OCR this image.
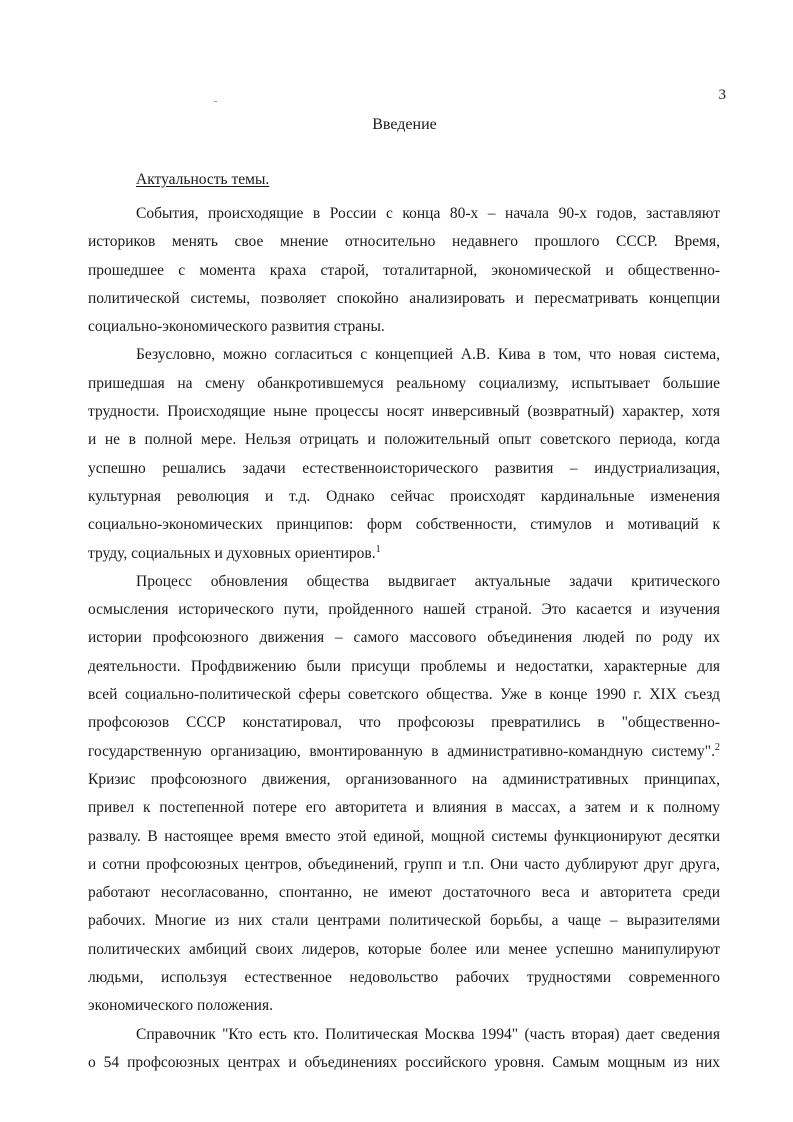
3
-
Введение
Актуальность темы.
События, происходящие в России с конца 80-х – начала 90-х годов, заставляют
историков менять свое мнение относительно недавнего прошлого СССР. Время,
прошедшее с момента краха старой, тоталитарной, экономической и общественно-
политической системы, позволяет спокойно анализировать и пересматривать концепции
социально-экономического развития страны.
Безусловно, можно согласиться с концепцией А.В. Кива в том, что новая система,
пришедшая на смену обанкротившемуся реальному социализму, испытывает большие
трудности. Происходящие ныне процессы носят инверсивный (возвратный) характер, хотя
и не в полной мере. Нельзя отрицать и положительный опыт советского периода, когда
успешно решались задачи естественноисторического развития – индустриализация,
культурная революция и т.д. Однако сейчас происходят кардинальные изменения
социально-экономических принципов: форм собственности, стимулов и мотиваций к
труду, социальных и духовных ориентиров.$^1$
Процесс обновления общества выдвигает актуальные задачи критического
осмысления исторического пути, пройденного нашей страной. Это касается и изучения
истории профсоюзного движения – самого массового объединения людей по роду их
деятельности. Профдвижению были присущи проблемы и недостатки, характерные для
всей социально-политической сферы советского общества. Уже в конце 1990 г. XIX съезд
профсоюзов СССР констатировал, что профсоюзы превратились в "общественно-
государственную организацию, вмонтированную в административно-командную систему".$^2$
Кризис профсоюзного движения, организованного на административных принципах,
привел к постепенной потере его авторитета и влияния в массах, а затем и к полному
развалу. В настоящее время вместо этой единой, мощной системы функционируют десятки
и сотни профсоюзных центров, объединений, групп и т.п. Они часто дублируют друг друга,
работают несогласованно, спонтанно, не имеют достаточного веса и авторитета среди
рабочих. Многие из них стали центрами политической борьбы, а чаще – выразителями
политических амбиций своих лидеров, которые более или менее успешно манипулируют
людьми, используя естественное недовольство рабочих трудностями современного
экономического положения.
Справочник "Кто есть кто. Политическая Москва 1994" (часть вторая) дает сведения
о 54 профсоюзных центрах и объединениях российского уровня. Самым мощным из них
